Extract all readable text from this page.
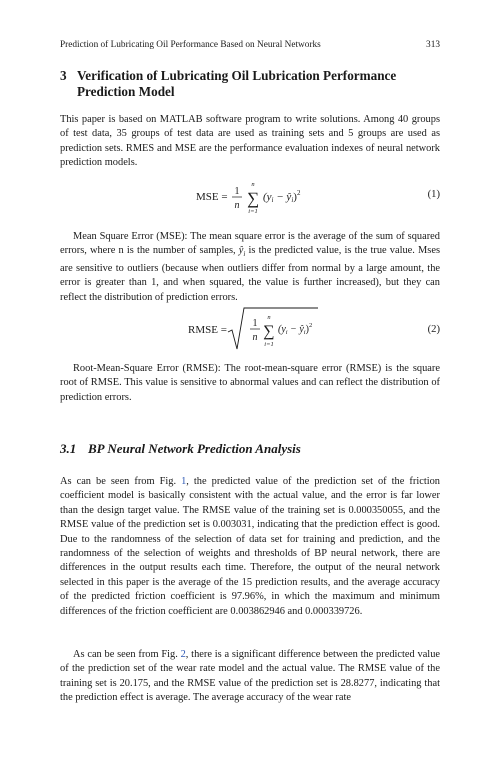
Prediction of Lubricating Oil Performance Based on Neural Networks	313
3 Verification of Lubricating Oil Lubrication Performance
Prediction Model

This paper is based on MATLAB software program to write solutions. Among 40 groups of test data, 35 groups of test data are used as training sets and 5 groups are used as prediction sets. RMES and MSE are the performance evaluation indexes of neural network prediction models.

MSE = 1
n
n
∑
i=1
(yi − ŷi)$^2$	(1)

Mean Square Error (MSE): The mean square error is the average of the sum of squared errors, where n is the number of samples, $ŷ_i$ is the predicted value, is the true value. Mses are sensitive to outliers (because when outliers differ from normal by a large amount, the error is greater than 1, and when squared, the value is further increased), but they can reflect the distribution of prediction errors.

RMSE =
1
n
n
∑
i=1
($y_i$ − $ŷ_i)^2$	(2)

Root-Mean-Square Error (RMSE): The root-mean-square error (RMSE) is the square root of RMSE. This value is sensitive to abnormal values and can reflect the distribution of prediction errors.

3.1 BP Neural Network Prediction Analysis

As can be seen from Fig. 1, the predicted value of the prediction set of the friction coefficient model is basically consistent with the actual value, and the error is far lower than the design target value. The RMSE value of the training set is 0.000350055, and the RMSE value of the prediction set is 0.003031, indicating that the prediction effect is good. Due to the randomness of the selection of data set for training and prediction, and the randomness of the selection of weights and thresholds of BP neural network, there are differences in the output results each time. Therefore, the output of the neural network selected in this paper is the average of the 15 prediction results, and the average accuracy of the predicted friction coefficient is 97.96%, in which the maximum and minimum differences of the friction coefficient are 0.003862946 and 0.000339726.

As can be seen from Fig. 2, there is a significant difference between the predicted value of the prediction set of the wear rate model and the actual value. The RMSE value of the training set is 20.175, and the RMSE value of the prediction set is 28.8277, indicating that the prediction effect is average. The average accuracy of the wear rate
